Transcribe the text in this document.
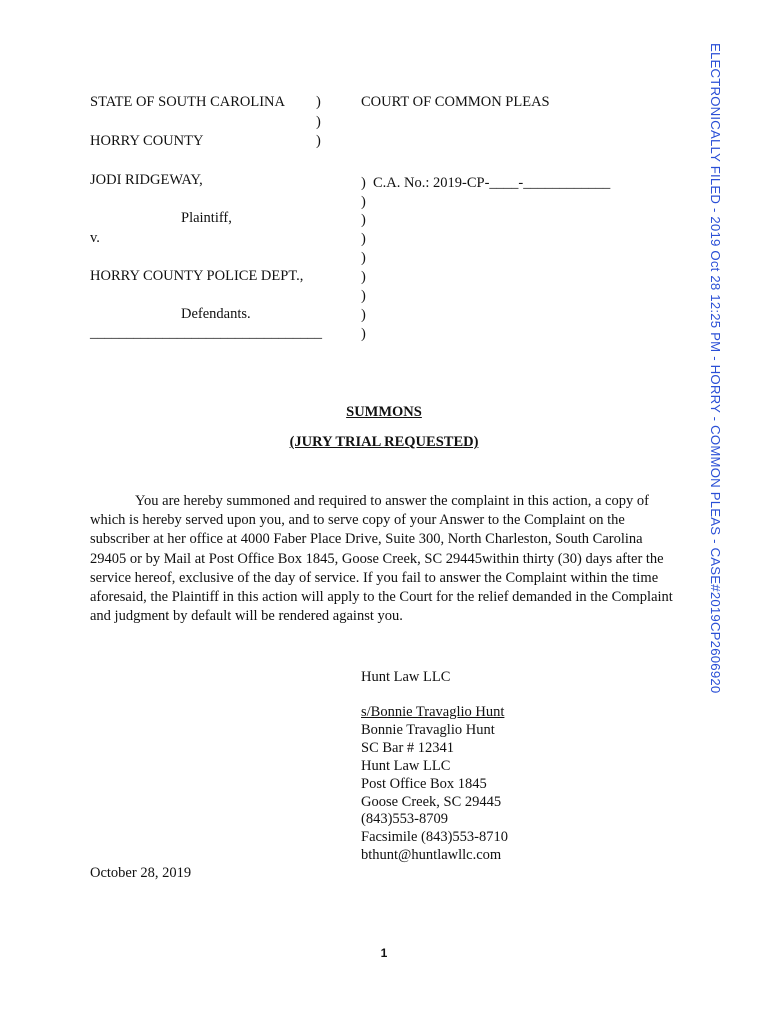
ELECTRONICALLY FILED - 2019 Oct 28 12:25 PM - HORRY - COMMON PLEAS - CASE#2019CP2606920
STATE OF SOUTH CAROLINA	COURT OF COMMON PLEAS
HORRY COUNTY
JODI RIDGEWAY,	C.A. No.: 2019-CP-____-____________
Plaintiff,
v.
HORRY COUNTY POLICE DEPT.,
Defendants.
________________________________
)
)
)
)
)
)
)
)
)
)
)
)
SUMMONS
(JURY TRIAL REQUESTED)
You are hereby summoned and required to answer the complaint in this action, a copy of which is hereby served upon you, and to serve copy of your Answer to the Complaint on the subscriber at her office at 4000 Faber Place Drive, Suite 300, North Charleston, South Carolina 29405 or by Mail at Post Office Box 1845, Goose Creek, SC 29445within thirty (30) days after the service hereof, exclusive of the day of service. If you fail to answer the Complaint within the time aforesaid, the Plaintiff in this action will apply to the Court for the relief demanded in the Complaint and judgment by default will be rendered against you.
Hunt Law LLC
s/Bonnie Travaglio Hunt
Bonnie Travaglio Hunt
SC Bar # 12341
Hunt Law LLC
Post Office Box 1845
Goose Creek, SC 29445
(843)553-8709
Facsimile (843)553-8710
bthunt@huntlawllc.com
October 28, 2019
1
